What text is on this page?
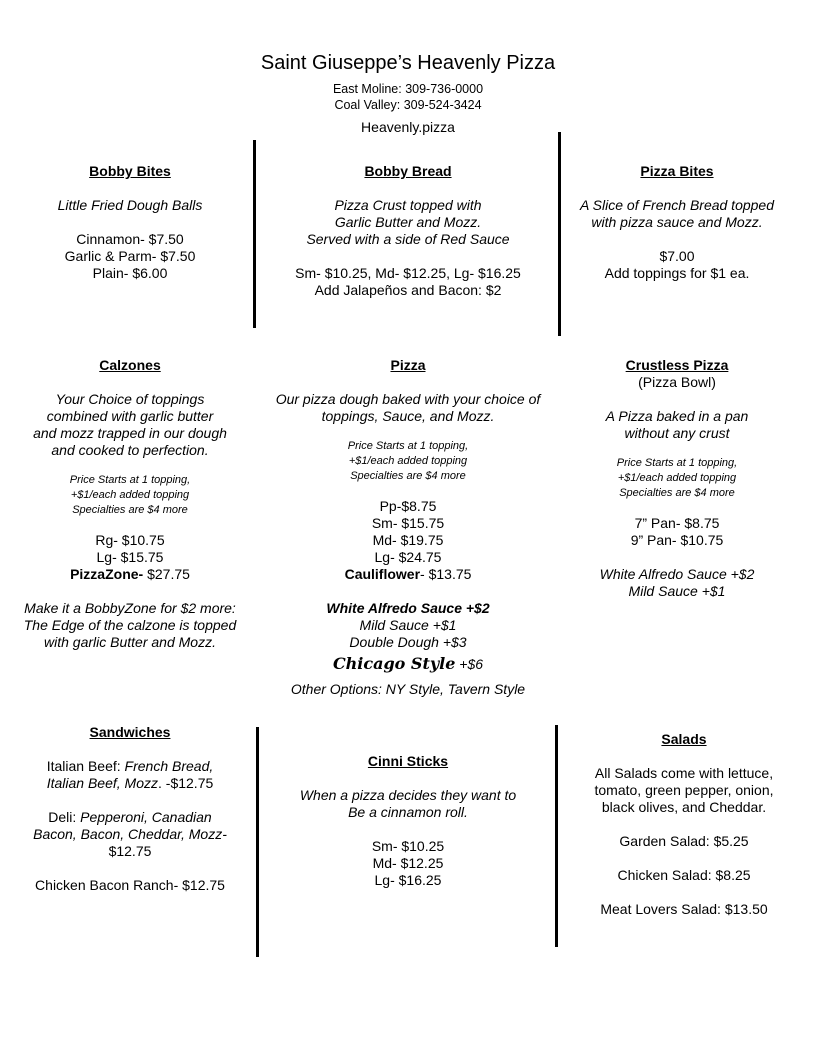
Saint Giuseppe’s Heavenly Pizza
East Moline: 309-736-0000
Coal Valley: 309-524-3424
Heavenly.pizza
Bobby Bites
Little Fried Dough Balls
Cinnamon- $7.50
Garlic & Parm- $7.50
Plain- $6.00
Bobby Bread
Pizza Crust topped with
Garlic Butter and Mozz.
Served with a side of Red Sauce
Sm- $10.25, Md- $12.25, Lg- $16.25
Add Jalapeños and Bacon: $2
Pizza Bites
A Slice of French Bread topped
with pizza sauce and Mozz.
$7.00
Add toppings for $1 ea.
Calzones
Your Choice of toppings
combined with garlic butter
and mozz trapped in our dough
and cooked to perfection.
Price Starts at 1 topping,
+$1/each added topping
Specialties are $4 more
Rg- $10.75
Lg- $15.75
PizzaZone- $27.75
Make it a BobbyZone for $2 more:
The Edge of the calzone is topped
with garlic Butter and Mozz.
Pizza
Our pizza dough baked with your choice of
toppings, Sauce, and Mozz.
Price Starts at 1 topping,
+$1/each added topping
Specialties are $4 more
Pp-$8.75
Sm- $15.75
Md- $19.75
Lg- $24.75
Cauliflower- $13.75
White Alfredo Sauce +$2
Mild Sauce +$1
Double Dough +$3
Chicago Style +$6
Other Options: NY Style, Tavern Style
Crustless Pizza
(Pizza Bowl)
A Pizza baked in a pan
without any crust
Price Starts at 1 topping,
+$1/each added topping
Specialties are $4 more
7” Pan- $8.75
9” Pan- $10.75
White Alfredo Sauce +$2
Mild Sauce +$1
Sandwiches
Italian Beef: French Bread,
Italian Beef, Mozz. -$12.75
Deli: Pepperoni, Canadian
Bacon, Bacon, Cheddar, Mozz-
$12.75
Chicken Bacon Ranch- $12.75
Cinni Sticks
When a pizza decides they want to
Be a cinnamon roll.
Sm- $10.25
Md- $12.25
Lg- $16.25
Salads
All Salads come with lettuce,
tomato, green pepper, onion,
black olives, and Cheddar.
Garden Salad: $5.25
Chicken Salad: $8.25
Meat Lovers Salad: $13.50
